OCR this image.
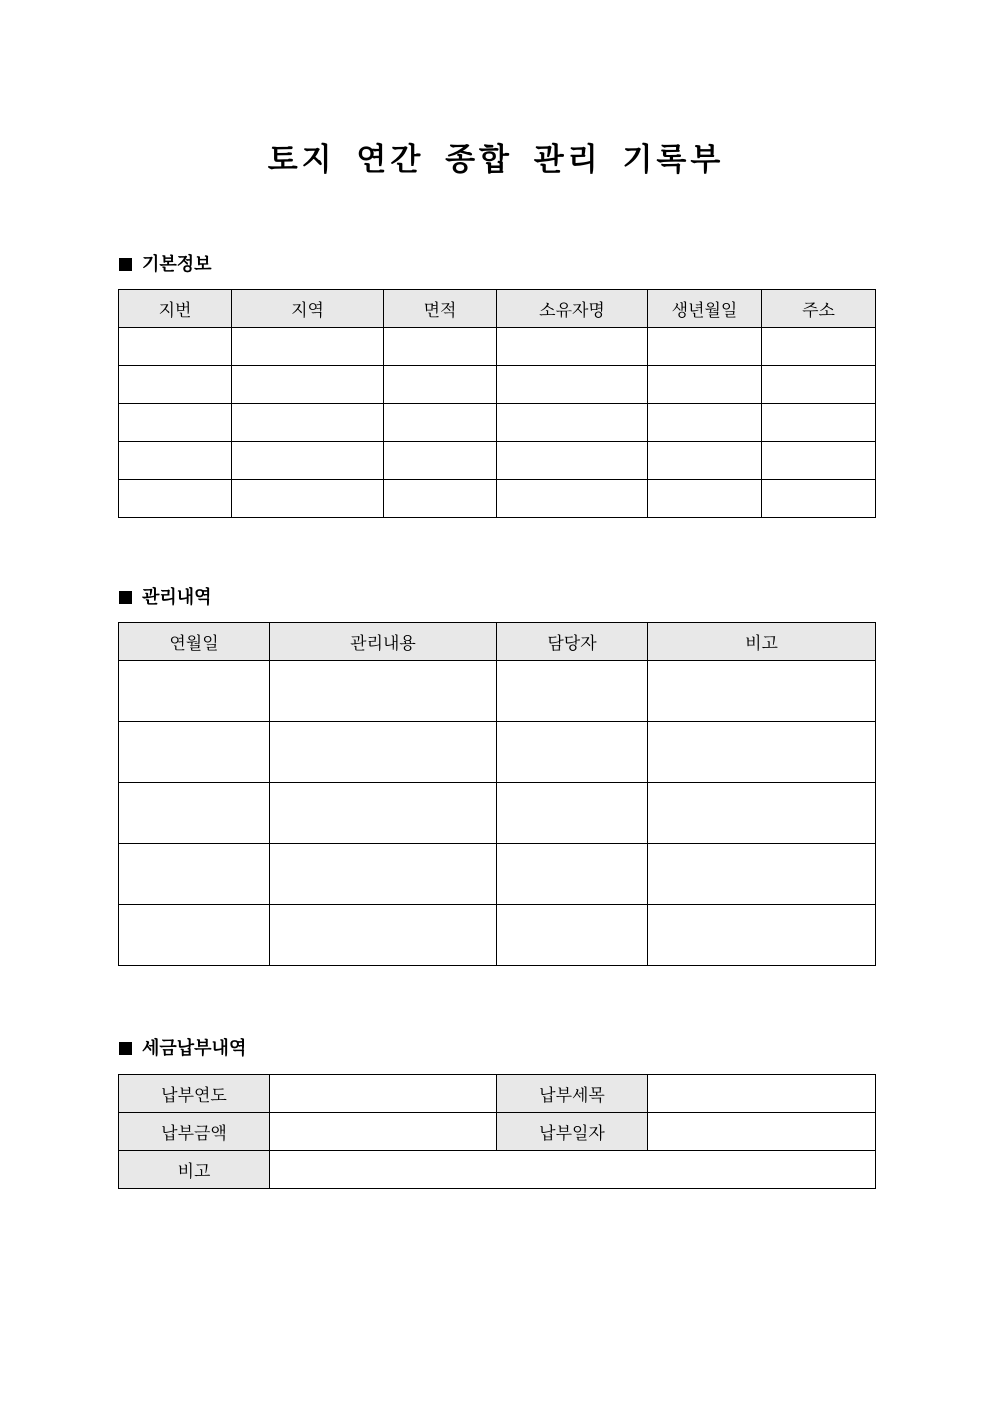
토지 연간 종합 관리 기록부
기본정보
지번	지역	면적	소유자명	생년월일	주소

관리내역
연월일	관리내용	담당자	비고

세금납부내역
납부연도		납부세목	
납부금액		납부일자	
비고			
